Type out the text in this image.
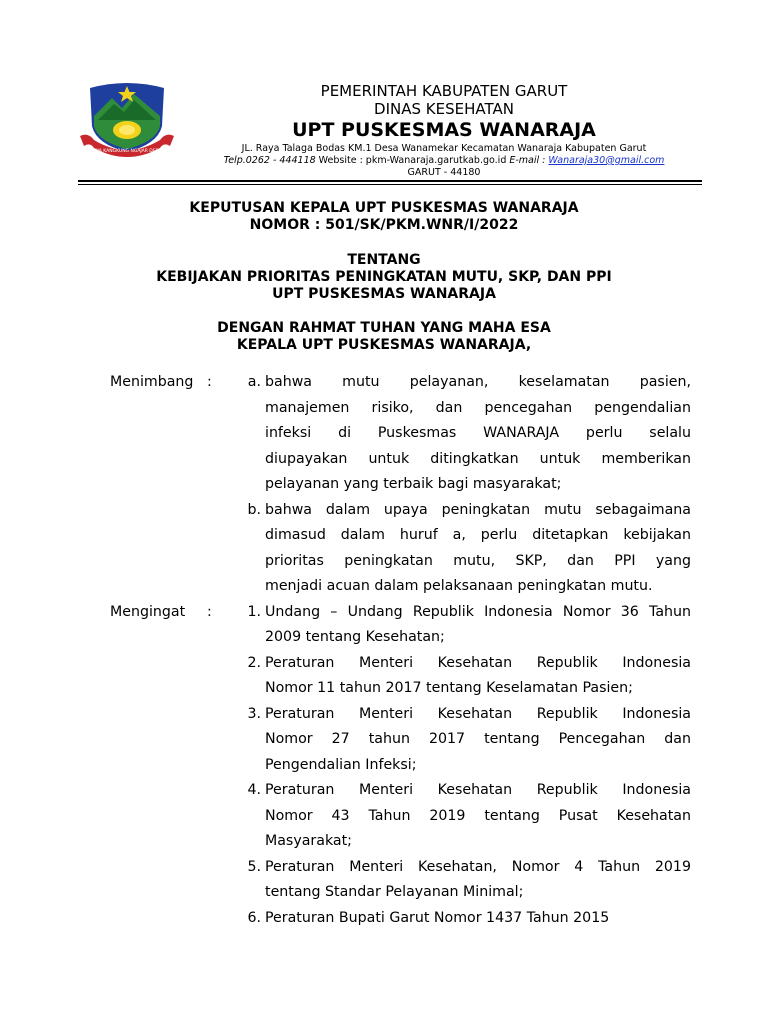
JAYA KANGKUNG NGAJAR DESA
PEMERINTAH KABUPATEN GARUT
DINAS KESEHATAN
UPT PUSKESMAS WANARAJA
JL. Raya Talaga Bodas KM.1 Desa Wanamekar Kecamatan Wanaraja Kabupaten Garut
Telp.0262 - 444118 Website : pkm-Wanaraja.garutkab.go.id E-mail : Wanaraja30@gmail.com
GARUT - 44180
KEPUTUSAN KEPALA UPT PUSKESMAS WANARAJA
NOMOR : 501/SK/PKM.WNR/I/2022
TENTANG
KEBIJAKAN PRIORITAS PENINGKATAN MUTU, SKP, DAN PPI
UPT PUSKESMAS WANARAJA
DENGAN RAHMAT TUHAN YANG MAHA ESA
KEPALA UPT PUSKESMAS WANARAJA,
Menimbang :	a. bahwa mutu pelayanan, keselamatan pasien,
manajemen risiko, dan pencegahan pengendalian
infeksi di Puskesmas WANARAJA perlu selalu
diupayakan untuk ditingkatkan untuk memberikan
pelayanan yang terbaik bagi masyarakat;
b. bahwa dalam upaya peningkatan mutu sebagaimana
dimasud dalam huruf a, perlu ditetapkan kebijakan
prioritas peningkatan mutu, SKP, dan PPI yang
menjadi acuan dalam pelaksanaan peningkatan mutu.
Mengingat	:	1. Undang – Undang Republik Indonesia Nomor 36 Tahun
2009 tentang Kesehatan;
2. Peraturan Menteri Kesehatan Republik Indonesia
Nomor 11 tahun 2017 tentang Keselamatan Pasien;
3. Peraturan Menteri Kesehatan Republik Indonesia
Nomor 27 tahun 2017 tentang Pencegahan dan
Pengendalian Infeksi;
4. Peraturan Menteri Kesehatan Republik Indonesia
Nomor 43 Tahun 2019 tentang Pusat Kesehatan
Masyarakat;
5. Peraturan Menteri Kesehatan, Nomor 4 Tahun 2019
tentang Standar Pelayanan Minimal;
6. Peraturan Bupati Garut Nomor 1437 Tahun 2015
